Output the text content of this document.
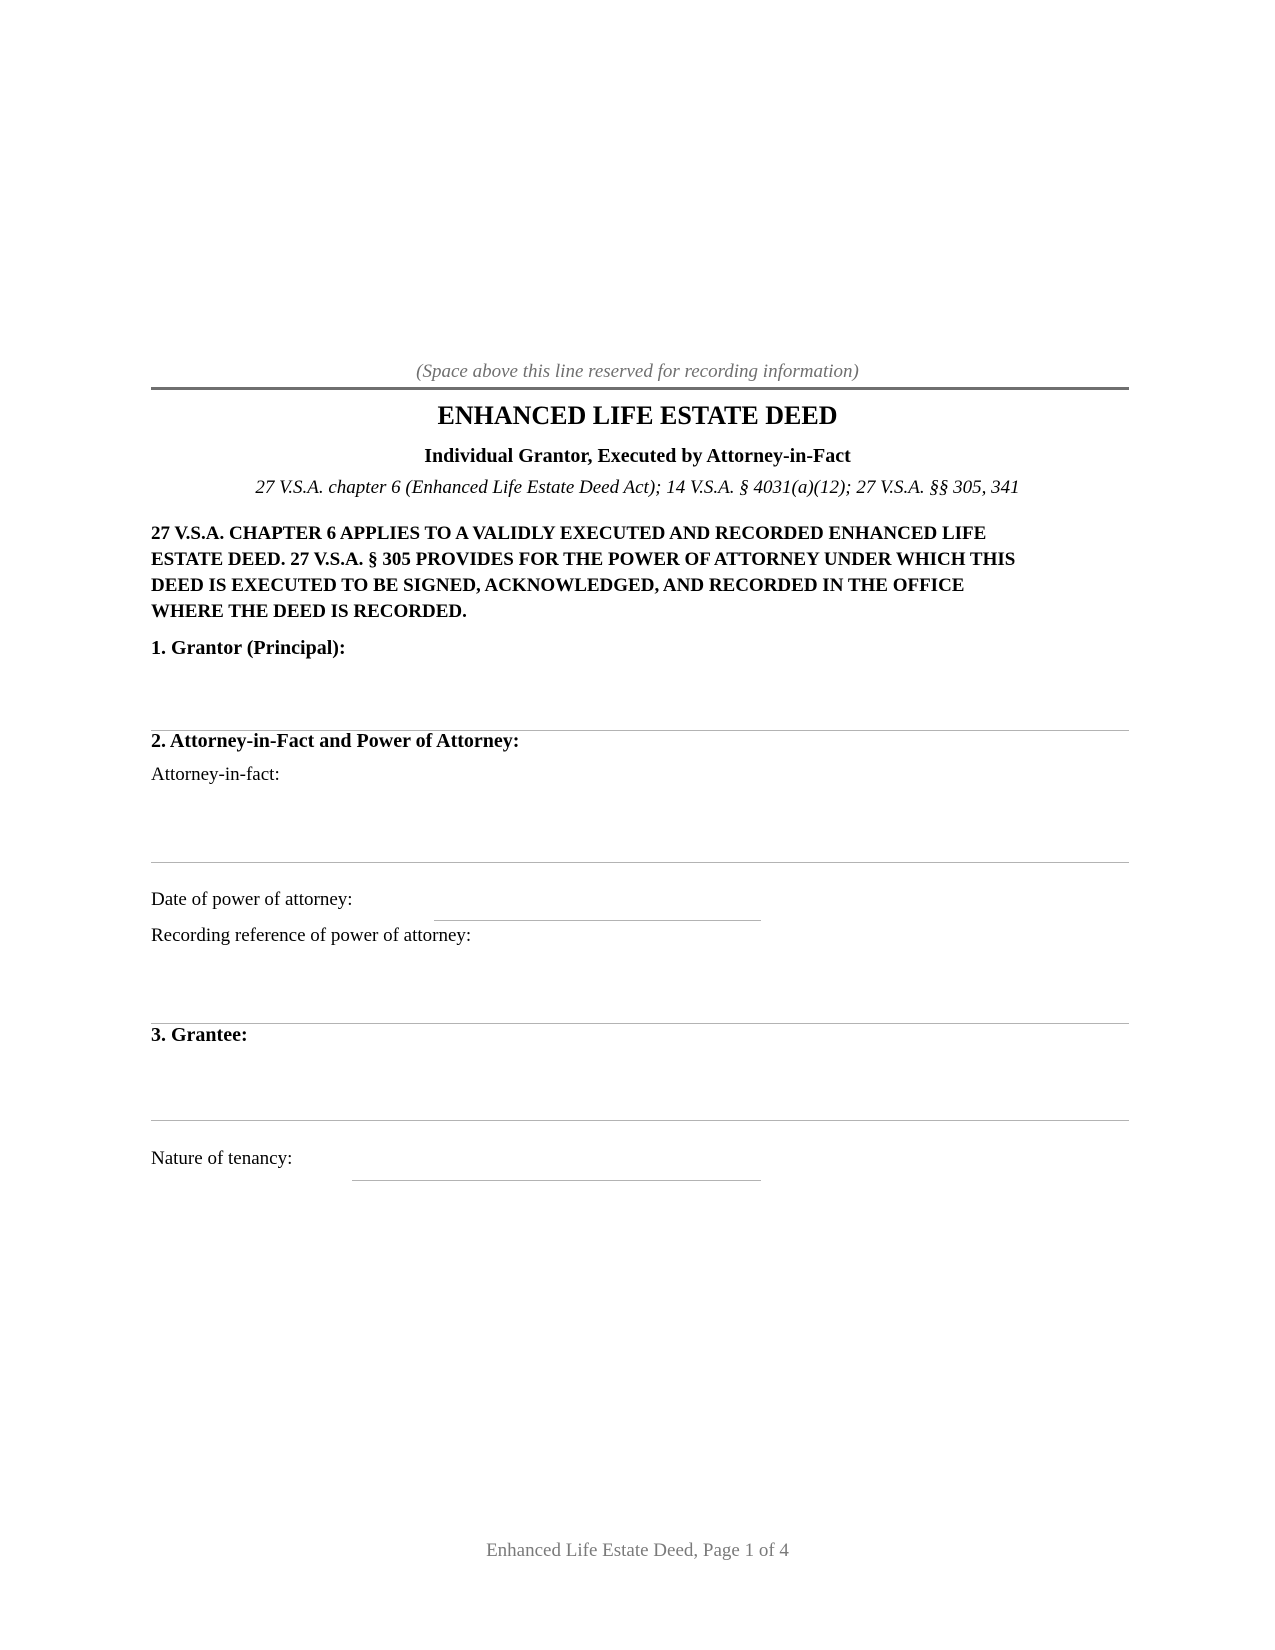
(Space above this line reserved for recording information)
ENHANCED LIFE ESTATE DEED
Individual Grantor, Executed by Attorney-in-Fact
27 V.S.A. chapter 6 (Enhanced Life Estate Deed Act); 14 V.S.A. § 4031(a)(12); 27 V.S.A. §§ 305, 341
27 V.S.A. CHAPTER 6 APPLIES TO A VALIDLY EXECUTED AND RECORDED ENHANCED LIFE
ESTATE DEED. 27 V.S.A. § 305 PROVIDES FOR THE POWER OF ATTORNEY UNDER WHICH THIS
DEED IS EXECUTED TO BE SIGNED, ACKNOWLEDGED, AND RECORDED IN THE OFFICE
WHERE THE DEED IS RECORDED.
1. Grantor (Principal):
2. Attorney-in-Fact and Power of Attorney:
Attorney-in-fact:
Date of power of attorney:
Recording reference of power of attorney:
3. Grantee:
Nature of tenancy:
Enhanced Life Estate Deed, Page 1 of 4
